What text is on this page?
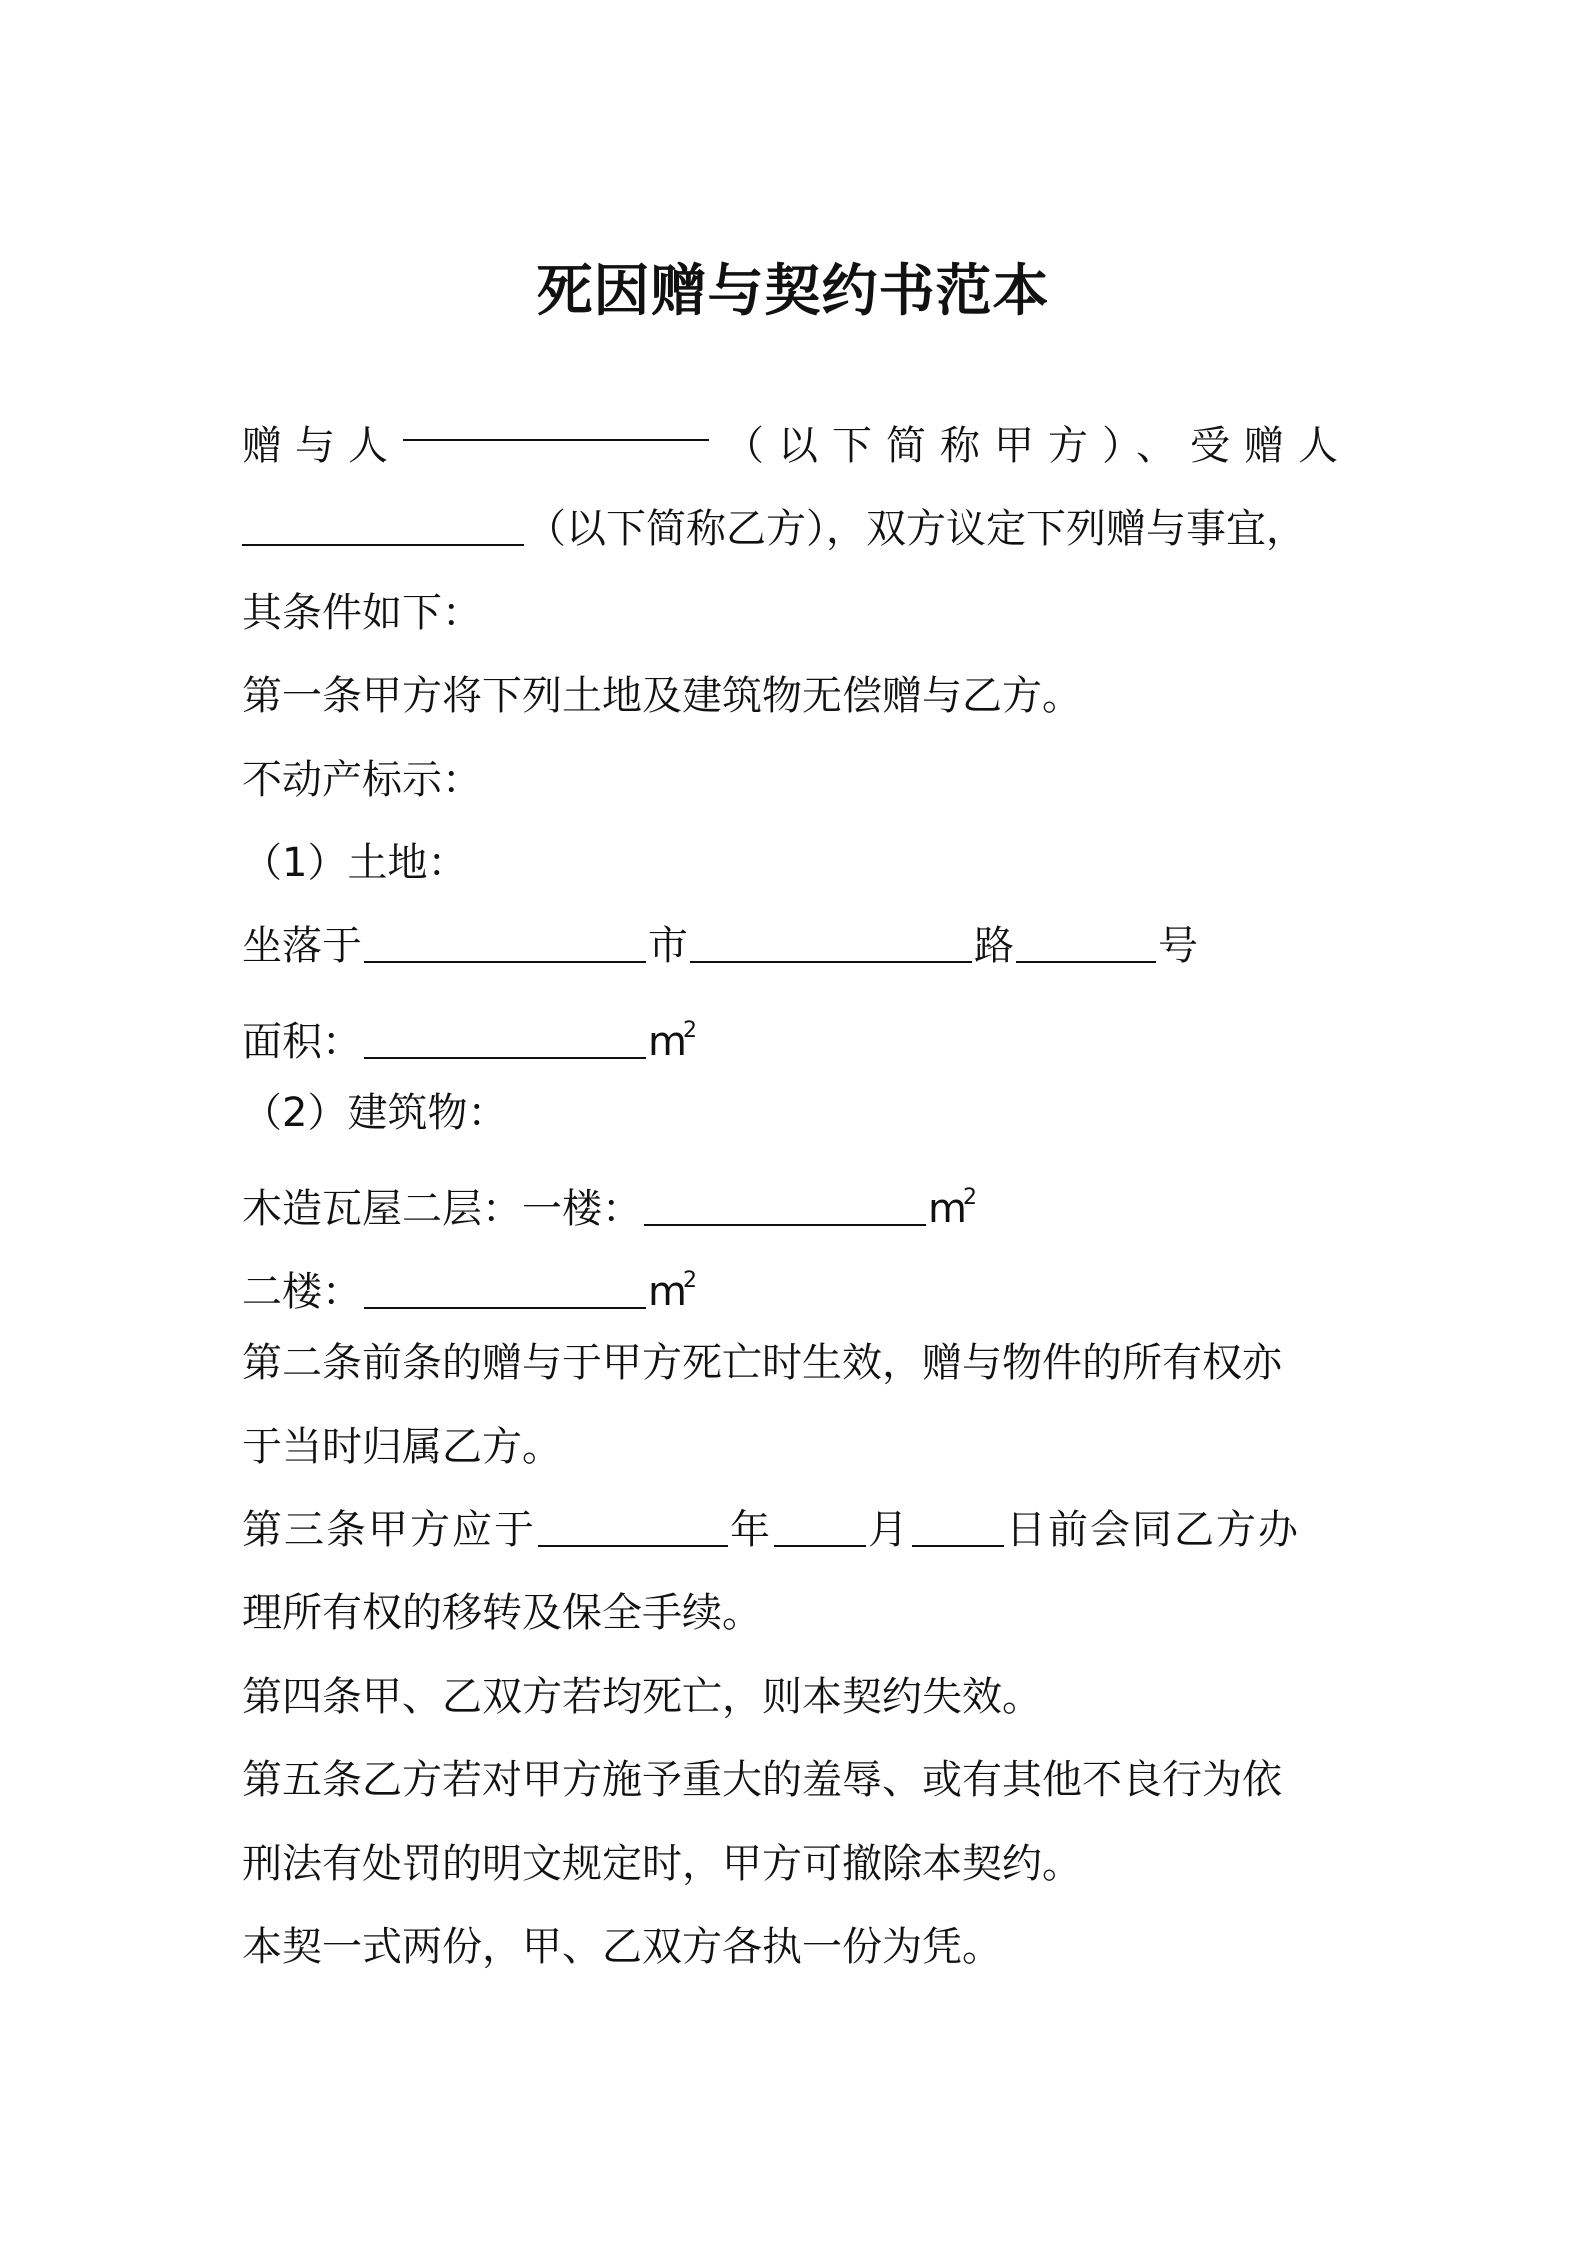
死因赠与契约书范本
赠 与 人	（以下简称甲方）、受赠人
（以下简称乙方），双方议定下列赠与事宜，
其条件如下：
第一条甲方将下列土地及建筑物无偿赠与乙方。
不动产标示：
（1）土地：
坐落于	市	路	号
面积：	$m^2$
（2）建筑物：
木造瓦屋二层：一楼：	$m^2$
二楼：	$m^2$
第二条前条的赠与于甲方死亡时生效，赠与物件的所有权亦
于当时归属乙方。
第三条甲方应于	年 月 日前会同乙方办
理所有权的移转及保全手续。
第四条甲、乙双方若均死亡，则本契约失效。
第五条乙方若对甲方施予重大的羞辱、或有其他不良行为依
刑法有处罚的明文规定时，甲方可撤除本契约。
本契一式两份，甲、乙双方各执一份为凭。
